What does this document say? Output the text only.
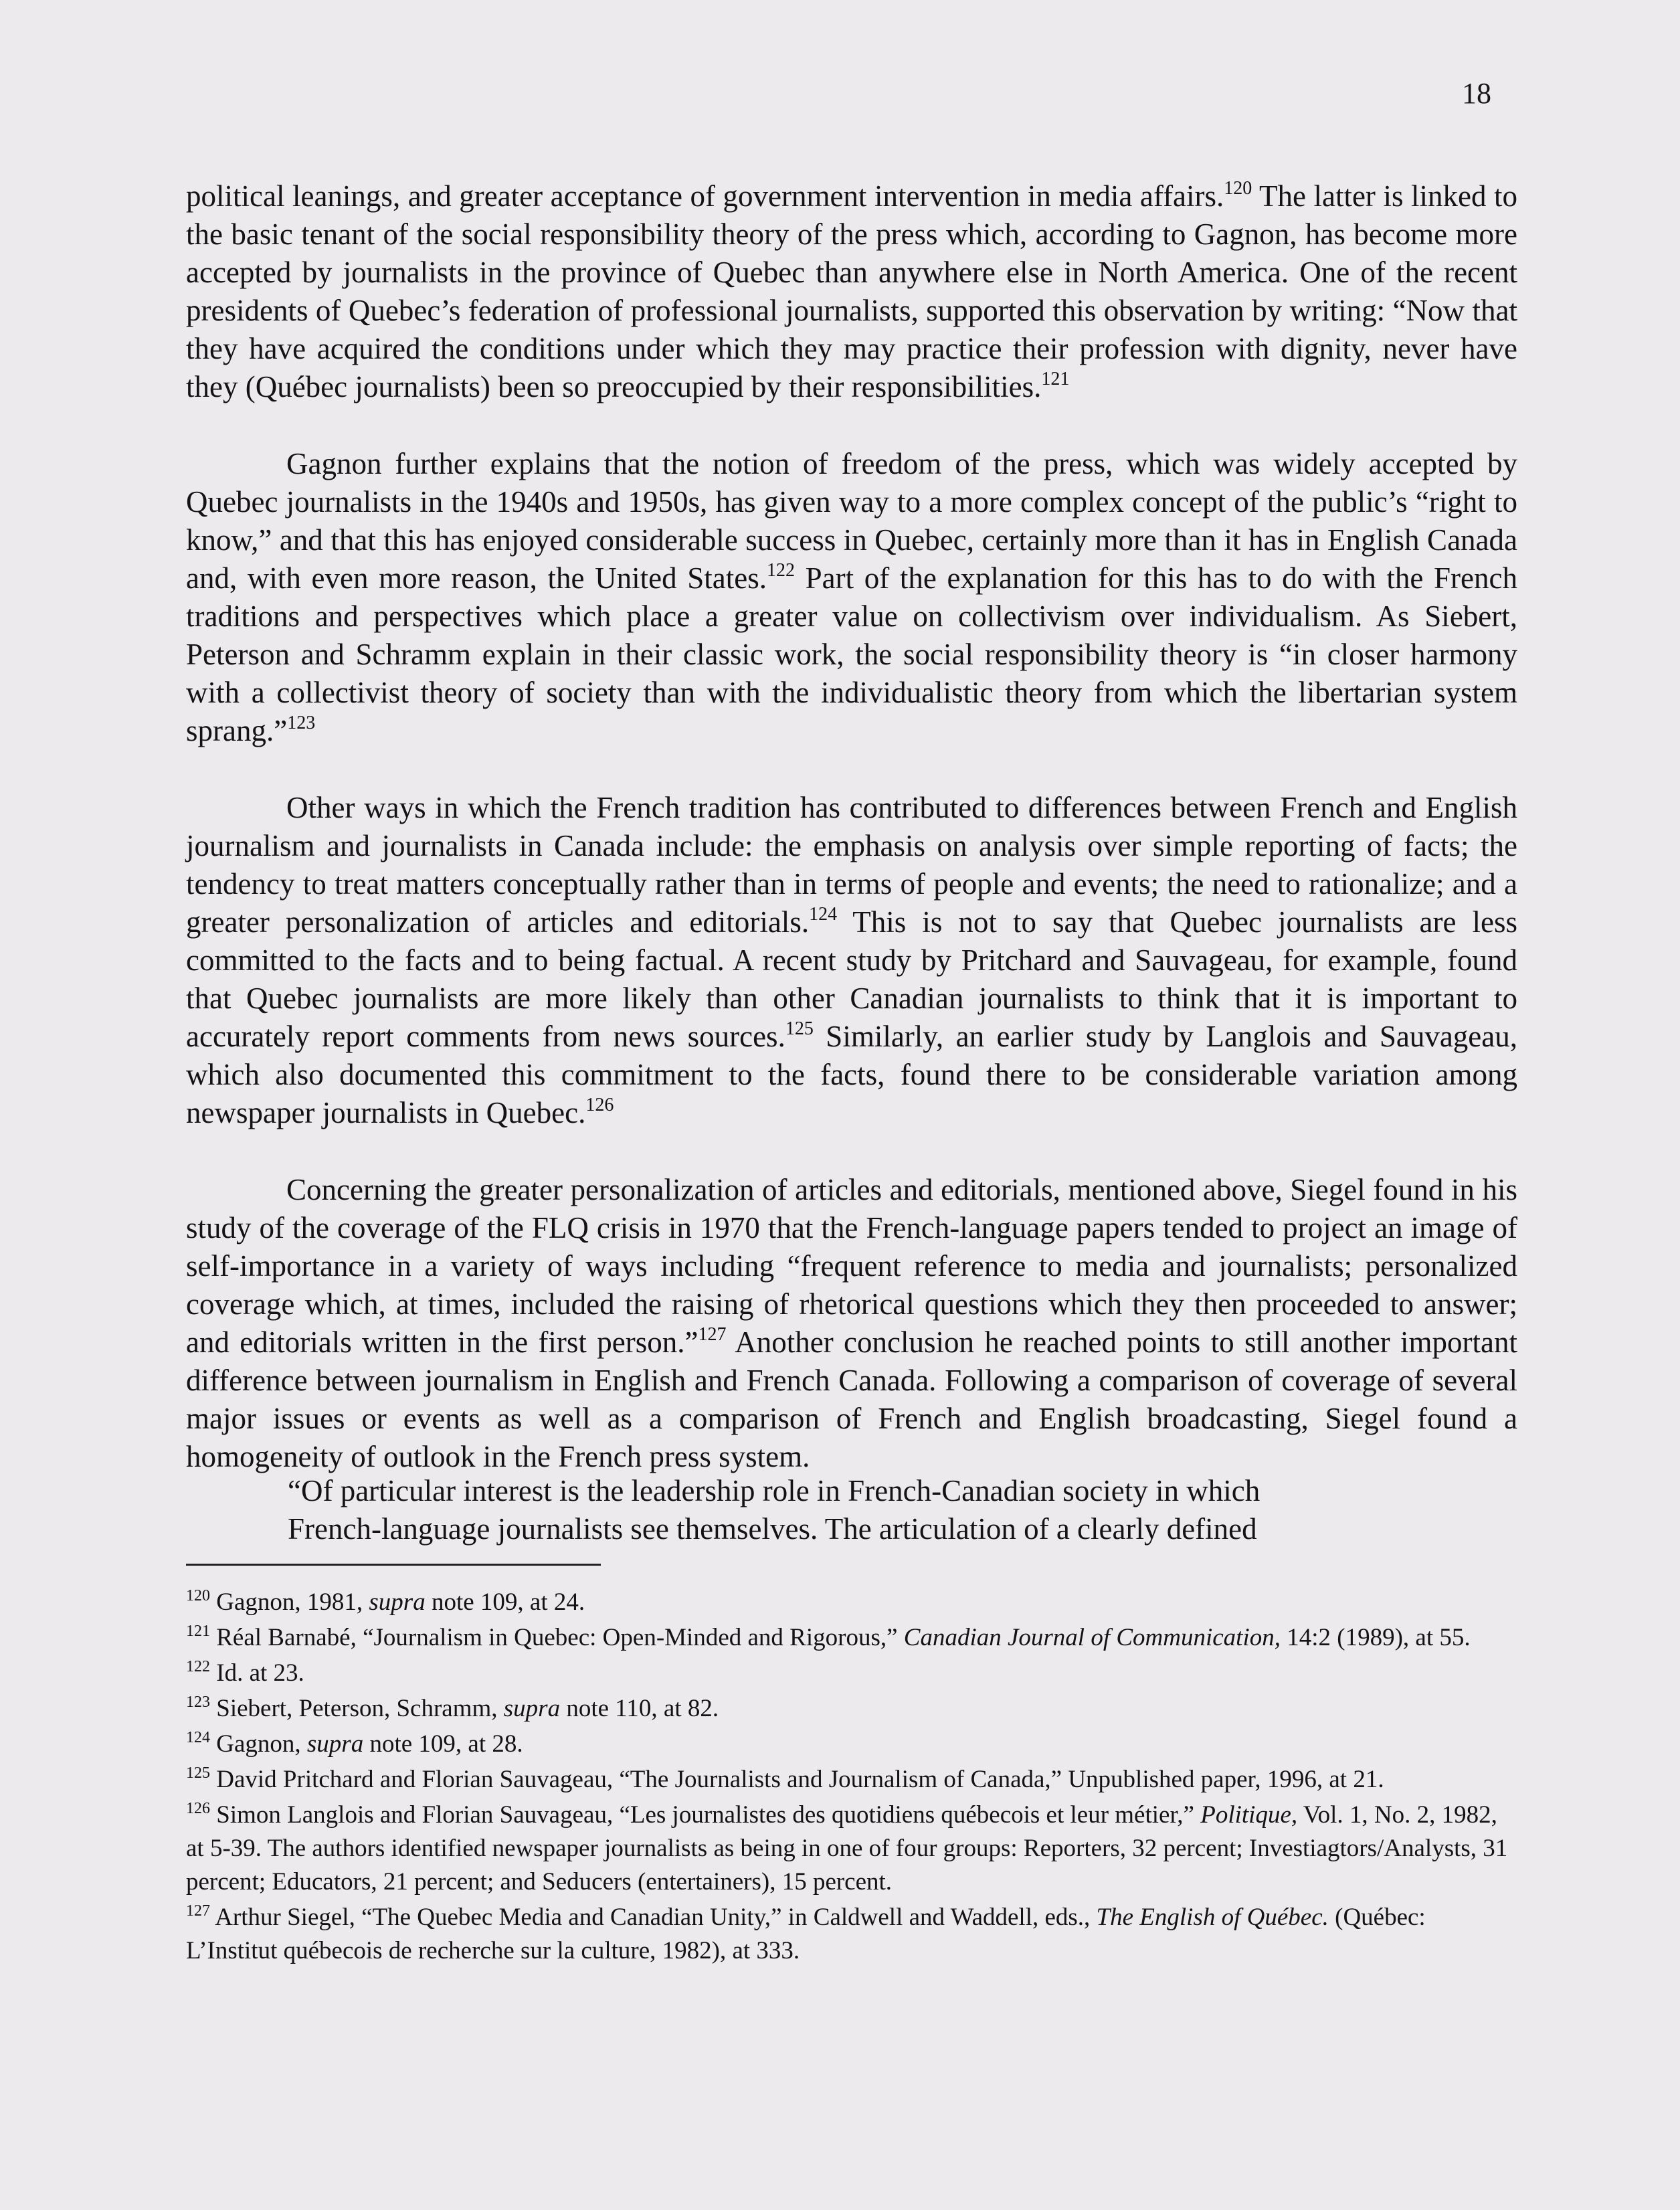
18

political leanings, and greater acceptance of government intervention in media affairs.$^{120}$ The latter is linked to the basic tenant of the social responsibility theory of the press which, according to Gagnon, has become more accepted by journalists in the province of Quebec than anywhere else in North America. One of the recent presidents of Quebec’s federation of professional journalists, supported this observation by writing: “Now that they have acquired the conditions under which they may practice their profession with dignity, never have they (Québec journalists) been so preoccupied by their responsibilities.$^{121}$

Gagnon further explains that the notion of freedom of the press, which was widely accepted by Quebec journalists in the 1940s and 1950s, has given way to a more complex concept of the public’s “right to know,” and that this has enjoyed considerable success in Quebec, certainly more than it has in English Canada and, with even more reason, the United States.$^{122}$ Part of the explanation for this has to do with the French traditions and perspectives which place a greater value on collectivism over individualism. As Siebert, Peterson and Schramm explain in their classic work, the social responsibility theory is “in closer harmony with a collectivist theory of society than with the individualistic theory from which the libertarian system sprang.”$^{123}$

Other ways in which the French tradition has contributed to differences between French and English journalism and journalists in Canada include: the emphasis on analysis over simple reporting of facts; the tendency to treat matters conceptually rather than in terms of people and events; the need to rationalize; and a greater personalization of articles and editorials.$^{124}$ This is not to say that Quebec journalists are less committed to the facts and to being factual. A recent study by Pritchard and Sauvageau, for example, found that Quebec journalists are more likely than other Canadian journalists to think that it is important to accurately report comments from news sources.$^{125}$ Similarly, an earlier study by Langlois and Sauvageau, which also documented this commitment to the facts, found there to be considerable variation among newspaper journalists in Quebec.$^{126}$

Concerning the greater personalization of articles and editorials, mentioned above, Siegel found in his study of the coverage of the FLQ crisis in 1970 that the French-language papers tended to project an image of self-importance in a variety of ways including “frequent reference to media and journalists; personalized coverage which, at times, included the raising of rhetorical questions which they then proceeded to answer; and editorials written in the first person.”$^{127}$ Another conclusion he reached points to still another important difference between journalism in English and French Canada. Following a comparison of coverage of several major issues or events as well as a comparison of French and English broadcasting, Siegel found a homogeneity of outlook in the French press system.

“Of particular interest is the leadership role in French-Canadian society in which
French-language journalists see themselves. The articulation of a clearly defined
$^{120}$ Gagnon, 1981, supra note 109, at 24.
$^{121}$ Réal Barnabé, “Journalism in Quebec: Open-Minded and Rigorous,” Canadian Journal of Communication, 14:2 (1989), at 55.
$^{122}$ Id. at 23.
$^{123}$ Siebert, Peterson, Schramm, supra note 110, at 82.
$^{124}$ Gagnon, supra note 109, at 28.
$^{125}$ David Pritchard and Florian Sauvageau, “The Journalists and Journalism of Canada,” Unpublished paper, 1996, at 21.
$^{126}$ Simon Langlois and Florian Sauvageau, “Les journalistes des quotidiens québecois et leur métier,” Politique, Vol. 1, No. 2, 1982, at 5-39. The authors identified newspaper journalists as being in one of four groups: Reporters, 32 percent; Investiagtors/Analysts, 31 percent; Educators, 21 percent; and Seducers (entertainers), 15 percent.
$^{127}$ Arthur Siegel, “The Quebec Media and Canadian Unity,” in Caldwell and Waddell, eds., The English of Québec. (Québec: L’Institut québecois de recherche sur la culture, 1982), at 333.
